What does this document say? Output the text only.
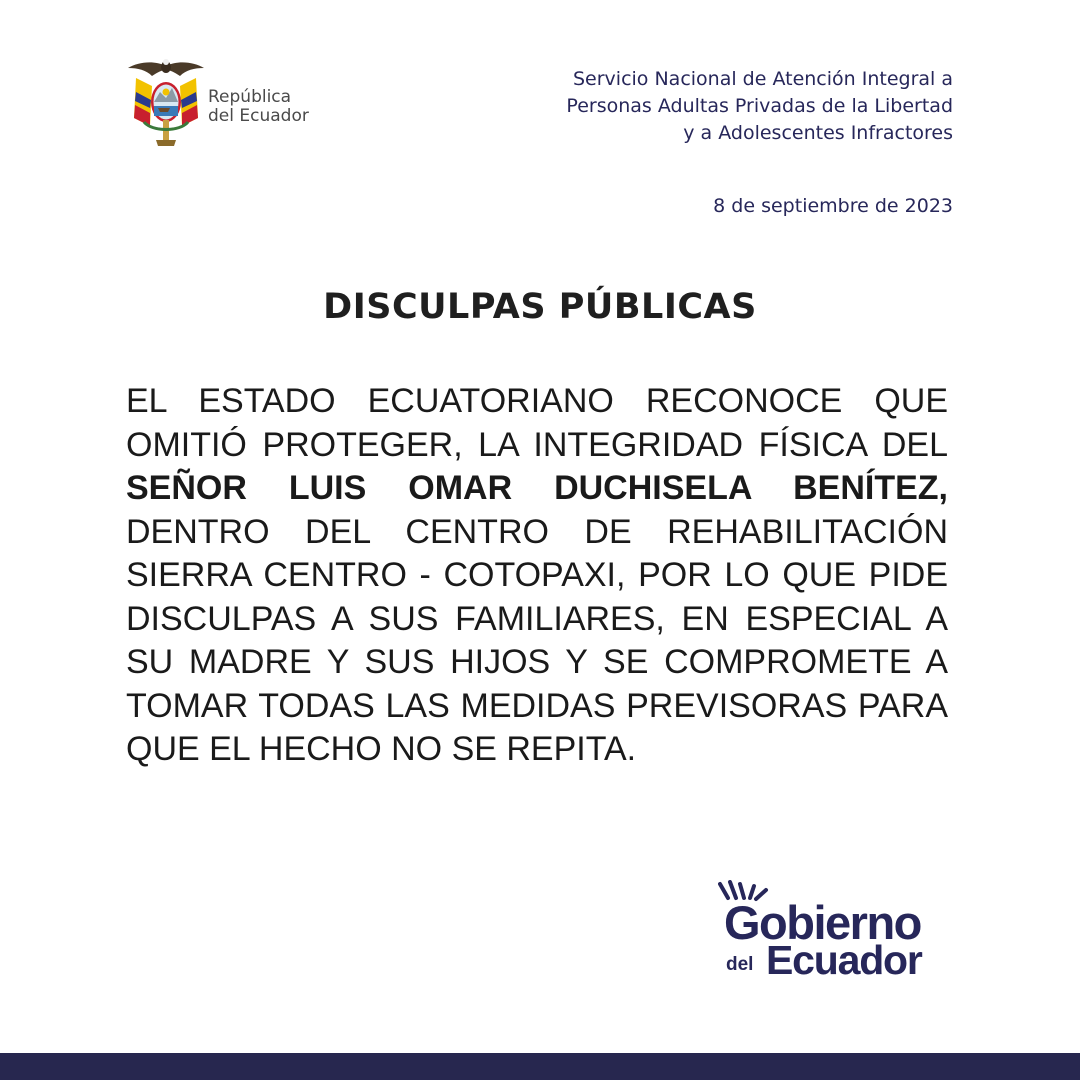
República
del Ecuador
Servicio Nacional de Atención Integral a
Personas Adultas Privadas de la Libertad
y a Adolescentes Infractores
8 de septiembre de 2023
DISCULPAS PÚBLICAS

EL ESTADO ECUATORIANO RECONOCE QUE OMITIÓ PROTEGER, LA INTEGRIDAD FÍSICA DEL SEÑOR LUIS OMAR DUCHISELA BENÍTEZ, DENTRO DEL CENTRO DE REHABILITACIÓN SIERRA CENTRO - COTOPAXI, POR LO QUE PIDE DISCULPAS A SUS FAMILIARES, EN ESPECIAL A SU MADRE Y SUS HIJOS Y SE COMPROMETE A TOMAR TODAS LAS MEDIDAS PREVISORAS PARA QUE EL HECHO NO SE REPITA.

Gobierno
del Ecuador
